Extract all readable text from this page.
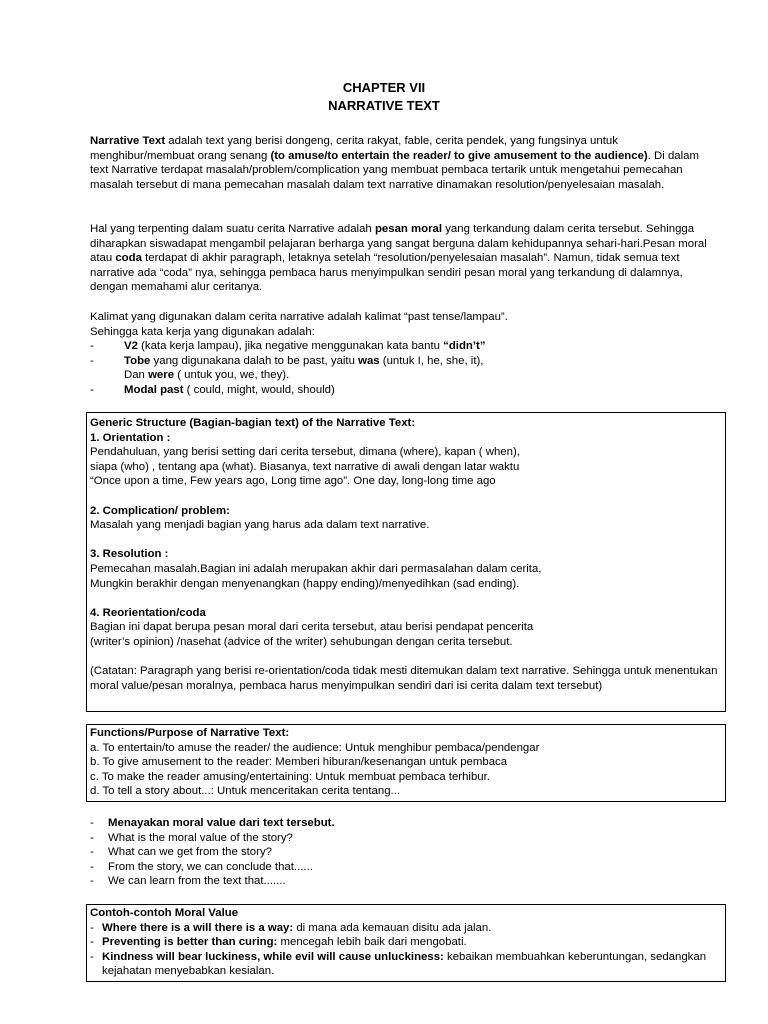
CHAPTER VII
NARRATIVE TEXT

Narrative Text adalah text yang berisi dongeng, cerita rakyat, fable, cerita pendek, yang fungsinya untuk menghibur/membuat orang senang (to amuse/to entertain the reader/ to give amusement to the audience). Di dalam text Narrative terdapat masalah/problem/complication yang membuat pembaca tertarik untuk mengetahui pemecahan masalah tersebut di mana pemecahan masalah dalam text narrative dinamakan resolution/penyelesaian masalah.

Hal yang terpenting dalam suatu cerita Narrative adalah pesan moral yang terkandung dalam cerita tersebut. Sehingga diharapkan siswadapat mengambil pelajaran berharga yang sangat berguna dalam kehidupannya sehari-hari.Pesan moral atau coda terdapat di akhir paragraph, letaknya setelah “resolution/penyelesaian masalah”. Namun, tidak semua text narrative ada “coda” nya, sehingga pembaca harus menyimpulkan sendiri pesan moral yang terkandung di dalamnya, dengan memahami alur ceritanya.

Kalimat yang digunakan dalam cerita narrative adalah kalimat “past tense/lampau”.

Sehingga kata kerja yang digunakan adalah:

-	V2 (kata kerja lampau), jika negative menggunakan kata bantu “didn’t”
-	Tobe yang digunakana dalah to be past, yaitu was (untuk I, he, she, it),
Dan were ( untuk you, we, they).
-	Modal past ( could, might, would, should)

Generic Structure (Bagian-bagian text) of the Narrative Text:

1. Orientation :

Pendahuluan, yang berisi setting dari cerita tersebut, dimana (where), kapan ( when),

siapa (who) , tentang apa (what). Biasanya, text narrative di awali dengan latar waktu

“Once upon a time, Few years ago, Long time ago”. One day, long-long time ago

2. Complication/ problem:

Masalah yang menjadi bagian yang harus ada dalam text narrative.

3. Resolution :

Pemecahan masalah.Bagian ini adalah merupakan akhir dari permasalahan dalam cerita,

Mungkin berakhir dengan menyenangkan (happy ending)/menyedihkan (sad ending).

4. Reorientation/coda

Bagian ini dapat berupa pesan moral dari cerita tersebut, atau berisi pendapat pencerita

(writer’s opinion) /nasehat (advice of the writer) sehubungan dengan cerita tersebut.

(Catatan: Paragraph yang berisi re-orientation/coda tidak mesti ditemukan dalam text narrative. Sehingga untuk menentukan moral value/pesan moralnya, pembaca harus menyimpulkan sendiri dari isi cerita dalam text tersebut)

Functions/Purpose of Narrative Text:

a. To entertain/to amuse the reader/ the audience: Untuk menghibur pembaca/pendengar

b. To give amusement to the reader: Memberi hiburan/kesenangan untuk pembaca

c. To make the reader amusing/entertaining: Untuk membuat pembaca terhibur.

d. To tell a story about...: Untuk menceritakan cerita tentang...

- Menayakan moral value dari text tersebut.
- What is the moral value of the story?
- What can we get from the story?
- From the story, we can conclude that......
- We can learn from the text that.......

Contoh-contoh Moral Value

- Where there is a will there is a way: di mana ada kemauan disitu ada jalan.
- Preventing is better than curing: mencegah lebih baik dari mengobati.
- Kindness will bear luckiness, while evil will cause unluckiness: kebaikan membuahkan keberuntungan, sedangkan kejahatan menyebabkan kesialan.
